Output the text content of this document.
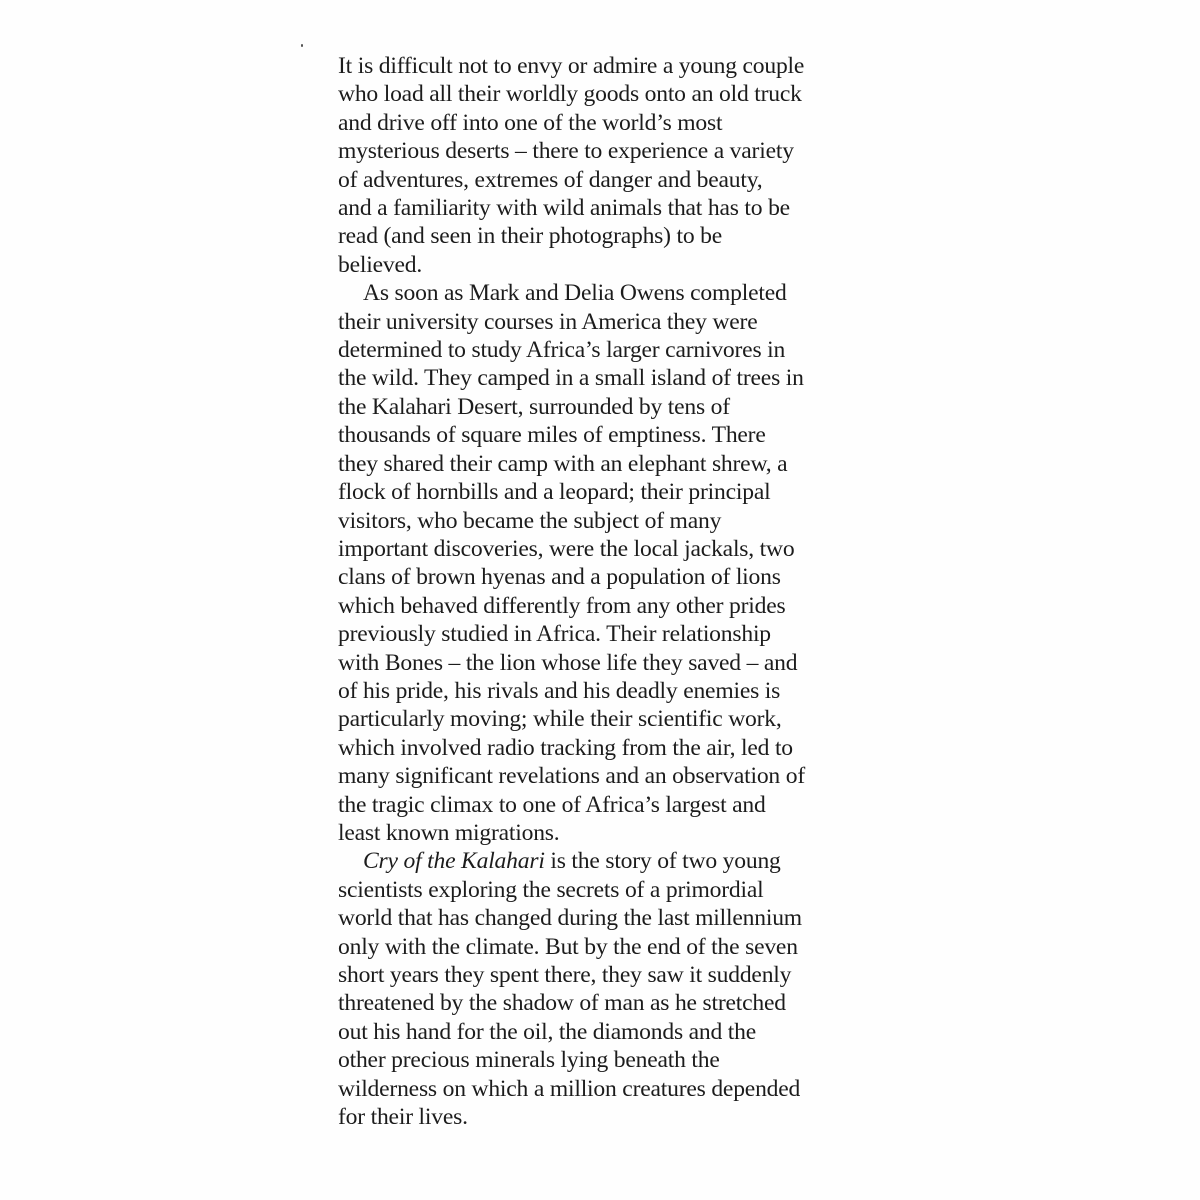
It is difficult not to envy or admire a young couple
who load all their worldly goods onto an old truck
and drive off into one of the world’s most
mysterious deserts – there to experience a variety
of adventures, extremes of danger and beauty,
and a familiarity with wild animals that has to be
read (and seen in their photographs) to be
believed.
As soon as Mark and Delia Owens completed
their university courses in America they were
determined to study Africa’s larger carnivores in
the wild. They camped in a small island of trees in
the Kalahari Desert, surrounded by tens of
thousands of square miles of emptiness. There
they shared their camp with an elephant shrew, a
flock of hornbills and a leopard; their principal
visitors, who became the subject of many
important discoveries, were the local jackals, two
clans of brown hyenas and a population of lions
which behaved differently from any other prides
previously studied in Africa. Their relationship
with Bones – the lion whose life they saved – and
of his pride, his rivals and his deadly enemies is
particularly moving; while their scientific work,
which involved radio tracking from the air, led to
many significant revelations and an observation of
the tragic climax to one of Africa’s largest and
least known migrations.
Cry of the Kalahari is the story of two young
scientists exploring the secrets of a primordial
world that has changed during the last millennium
only with the climate. But by the end of the seven
short years they spent there, they saw it suddenly
threatened by the shadow of man as he stretched
out his hand for the oil, the diamonds and the
other precious minerals lying beneath the
wilderness on which a million creatures depended
for their lives.
